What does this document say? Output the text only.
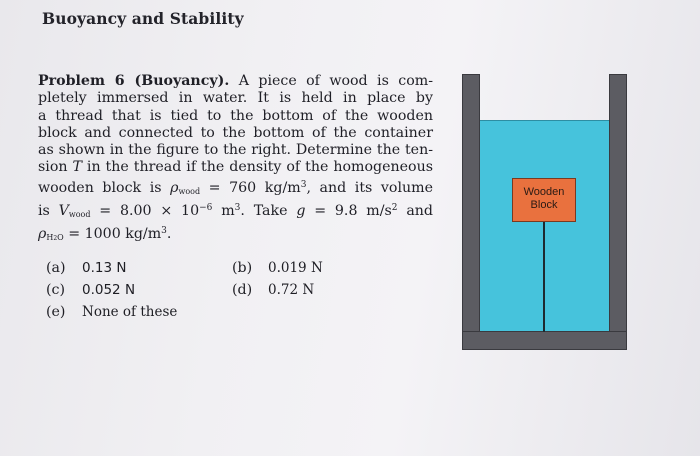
Buoyancy and Stability
Problem 6 (Buoyancy). A piece of wood is com-
pletely immersed in water. It is held in place by
a thread that is tied to the bottom of the wooden
block and connected to the bottom of the container
as shown in the figure to the right. Determine the ten-
sion T in the thread if the density of the homogeneous
wooden block is $\rho_{wood} = 760$ $kg/m^3$, and its volume
is $V_{wood} = 8.00 \times 10^{-6}$ $m^3$. Take g = 9.8 $m/s^2$ and
$\rho_{H2O} = 1000$ $kg/m^3$.
(a) 0.13 N	(b) 0.019 N
(c) 0.052 N	(d) 0.72 N
(e) None of these
Wooden
Block
